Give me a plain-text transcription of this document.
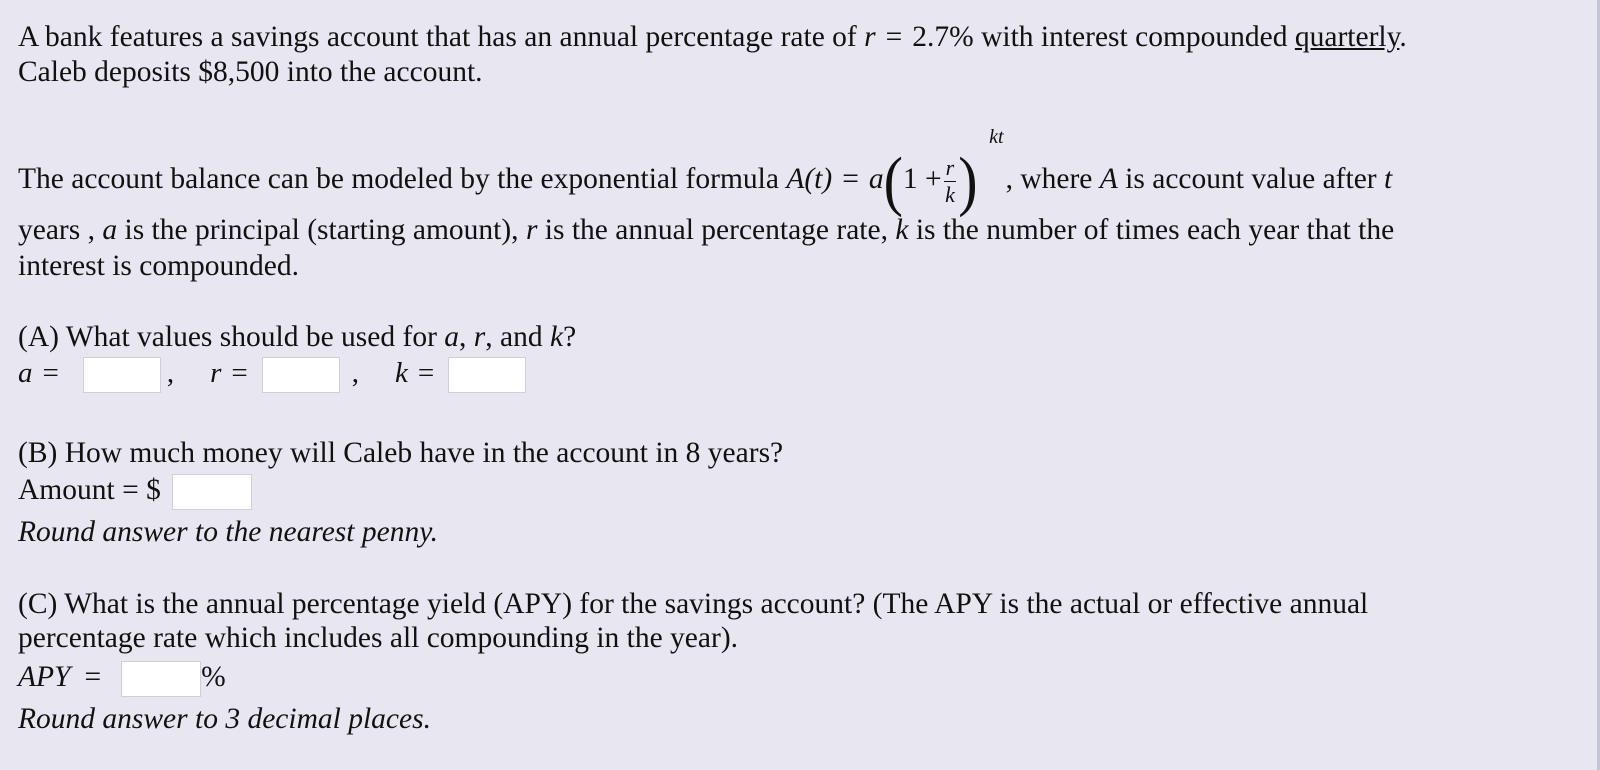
A bank features a savings account that has an annual percentage rate of r = 2.7% with interest compounded quarterly.
Caleb deposits $8,500 into the account.
The account balance can be modeled by the exponential formula $A(t) = a(1 + \frac{r}{k}$ )
kt
, where A is account value after t
years , a is the principal (starting amount), r is the annual percentage rate, k is the number of times each year that the
interest is compounded.
(A) What values should be used for a, r, and k?
a =	, r =	, k =
(B) How much money will Caleb have in the account in 8 years?
Amount = $
Round answer to the nearest penny.
(C) What is the annual percentage yield (APY) for the savings account? (The APY is the actual or effective annual
percentage rate which includes all compounding in the year).
APY =	%
Round answer to 3 decimal places.
